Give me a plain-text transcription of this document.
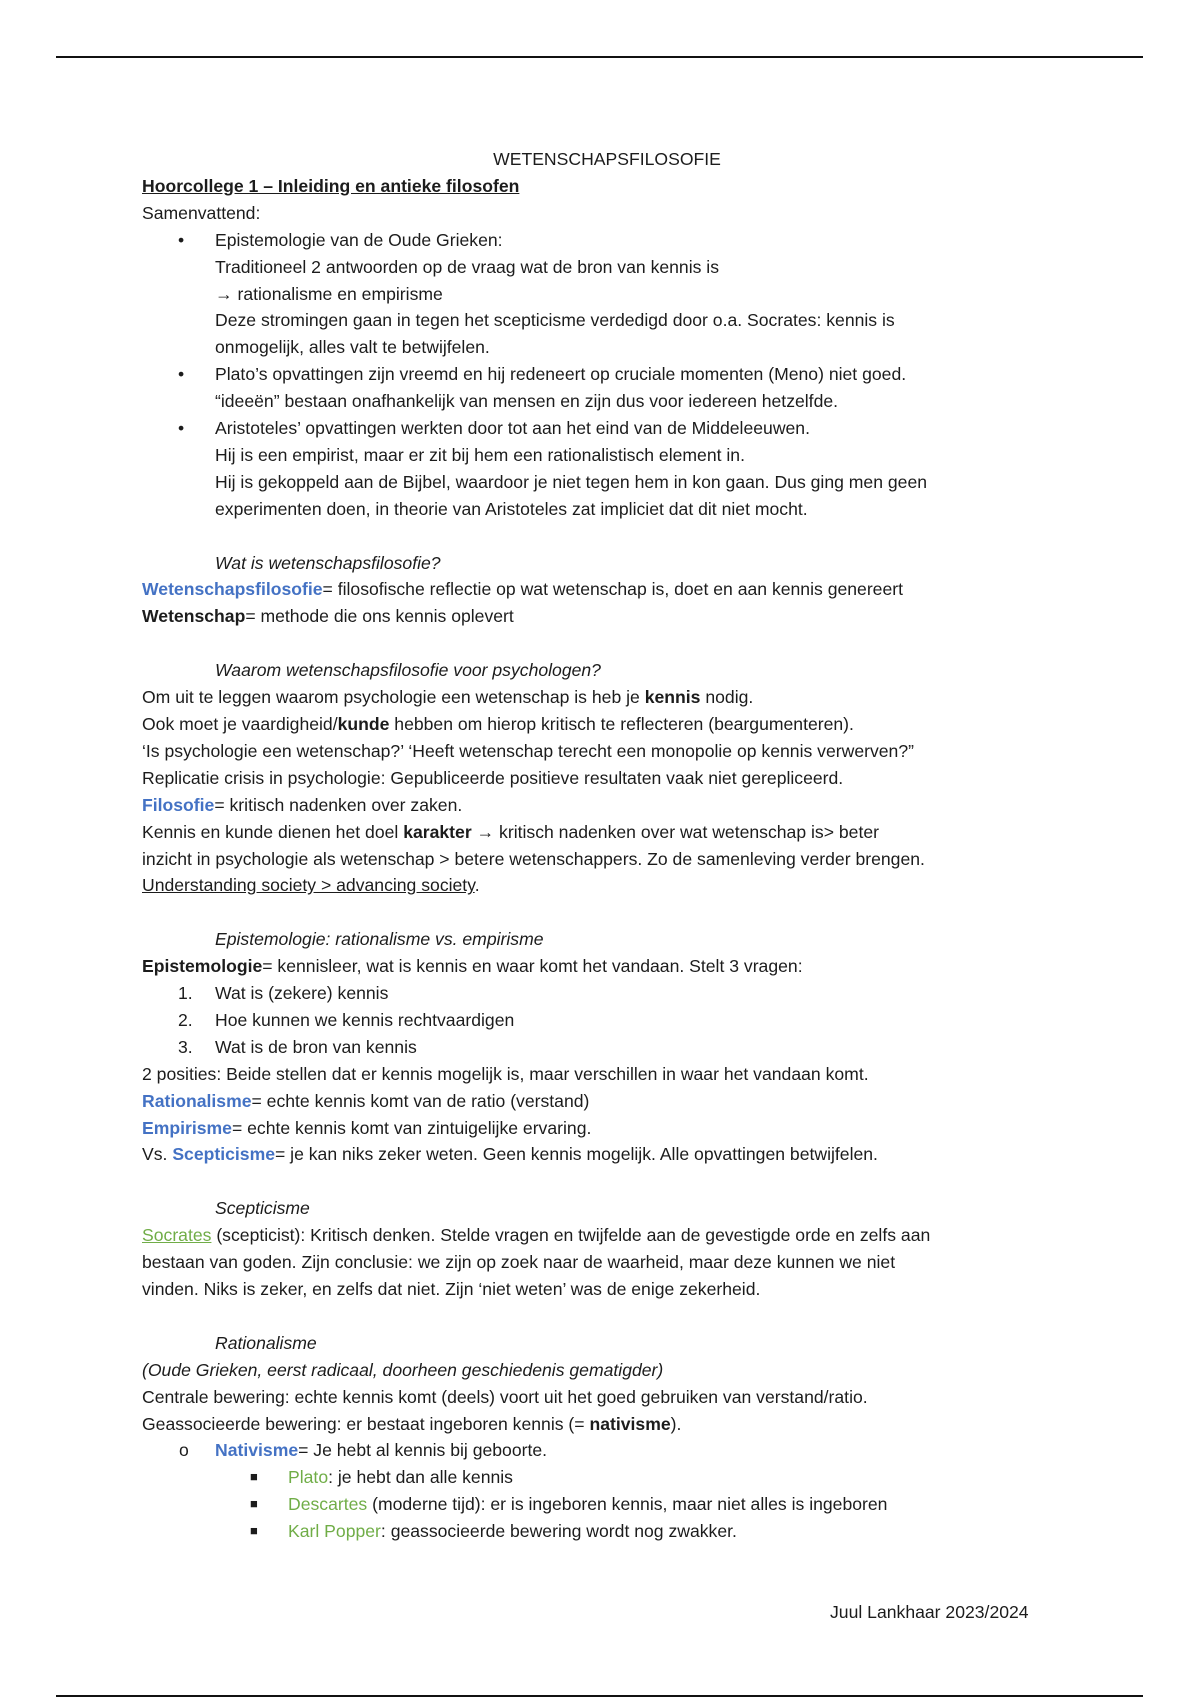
WETENSCHAPSFILOSOFIE
Hoorcollege 1 – Inleiding en antieke filosofen
Samenvattend:
•	Epistemologie van de Oude Grieken:
Traditioneel 2 antwoorden op de vraag wat de bron van kennis is
→ rationalisme en empirisme
Deze stromingen gaan in tegen het scepticisme verdedigd door o.a. Socrates: kennis is
onmogelijk, alles valt te betwijfelen.
•	Plato’s opvattingen zijn vreemd en hij redeneert op cruciale momenten (Meno) niet goed.
“ideeën” bestaan onafhankelijk van mensen en zijn dus voor iedereen hetzelfde.
•	Aristoteles’ opvattingen werkten door tot aan het eind van de Middeleeuwen.
Hij is een empirist, maar er zit bij hem een rationalistisch element in.
Hij is gekoppeld aan de Bijbel, waardoor je niet tegen hem in kon gaan. Dus ging men geen
experimenten doen, in theorie van Aristoteles zat impliciet dat dit niet mocht.
Wat is wetenschapsfilosofie?
Wetenschapsfilosofie= filosofische reflectie op wat wetenschap is, doet en aan kennis genereert
Wetenschap= methode die ons kennis oplevert
Waarom wetenschapsfilosofie voor psychologen?
Om uit te leggen waarom psychologie een wetenschap is heb je kennis nodig.
Ook moet je vaardigheid/kunde hebben om hierop kritisch te reflecteren (beargumenteren).
‘Is psychologie een wetenschap?’ ‘Heeft wetenschap terecht een monopolie op kennis verwerven?”
Replicatie crisis in psychologie: Gepubliceerde positieve resultaten vaak niet gerepliceerd.
Filosofie= kritisch nadenken over zaken.
Kennis en kunde dienen het doel karakter → kritisch nadenken over wat wetenschap is> beter
inzicht in psychologie als wetenschap > betere wetenschappers. Zo de samenleving verder brengen.
Understanding society > advancing society.
Epistemologie: rationalisme vs. empirisme
Epistemologie= kennisleer, wat is kennis en waar komt het vandaan. Stelt 3 vragen:
1.	Wat is (zekere) kennis
2.	Hoe kunnen we kennis rechtvaardigen
3.	Wat is de bron van kennis
2 posities: Beide stellen dat er kennis mogelijk is, maar verschillen in waar het vandaan komt.
Rationalisme= echte kennis komt van de ratio (verstand)
Empirisme= echte kennis komt van zintuigelijke ervaring.
Vs. Scepticisme= je kan niks zeker weten. Geen kennis mogelijk. Alle opvattingen betwijfelen.
Scepticisme
Socrates (scepticist): Kritisch denken. Stelde vragen en twijfelde aan de gevestigde orde en zelfs aan
bestaan van goden. Zijn conclusie: we zijn op zoek naar de waarheid, maar deze kunnen we niet
vinden. Niks is zeker, en zelfs dat niet. Zijn ‘niet weten’ was de enige zekerheid.
Rationalisme
(Oude Grieken, eerst radicaal, doorheen geschiedenis gematigder)
Centrale bewering: echte kennis komt (deels) voort uit het goed gebruiken van verstand/ratio.
Geassocieerde bewering: er bestaat ingeboren kennis (= nativisme).
o	Nativisme= Je hebt al kennis bij geboorte.
■	Plato: je hebt dan alle kennis
■	Descartes (moderne tijd): er is ingeboren kennis, maar niet alles is ingeboren
■	Karl Popper: geassocieerde bewering wordt nog zwakker.
Juul Lankhaar 2023/2024
